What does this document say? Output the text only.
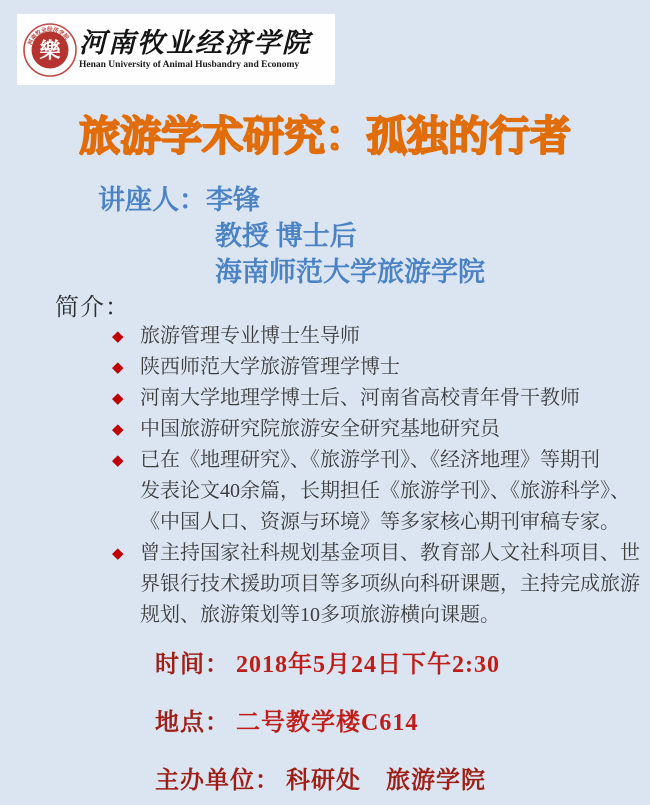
樂
河南牧业经济学院 河南牧业经济学院
Henan University of Animal Husbandry and Economy
旅游学术研究：孤独的行者
讲座人：李锋
教授 博士后
海南师范大学旅游学院
简介：
◆ 旅游管理专业博士生导师
◆ 陕西师范大学旅游管理学博士
◆ 河南大学地理学博士后、河南省高校青年骨干教师
◆ 中国旅游研究院旅游安全研究基地研究员
◆ 已在《地理研究》、《旅游学刊》、《经济地理》等期刊
发表论文40余篇，长期担任《旅游学刊》、《旅游科学》、
《中国人口、资源与环境》等多家核心期刊审稿专家。
◆ 曾主持国家社科规划基金项目、教育部人文社科项目、世
界银行技术援助项目等多项纵向科研课题，主持完成旅游
规划、旅游策划等10多项旅游横向课题。
时间： 2018年5月24日下午2:30
地点： 二号教学楼C614
主办单位： 科研处　旅游学院
